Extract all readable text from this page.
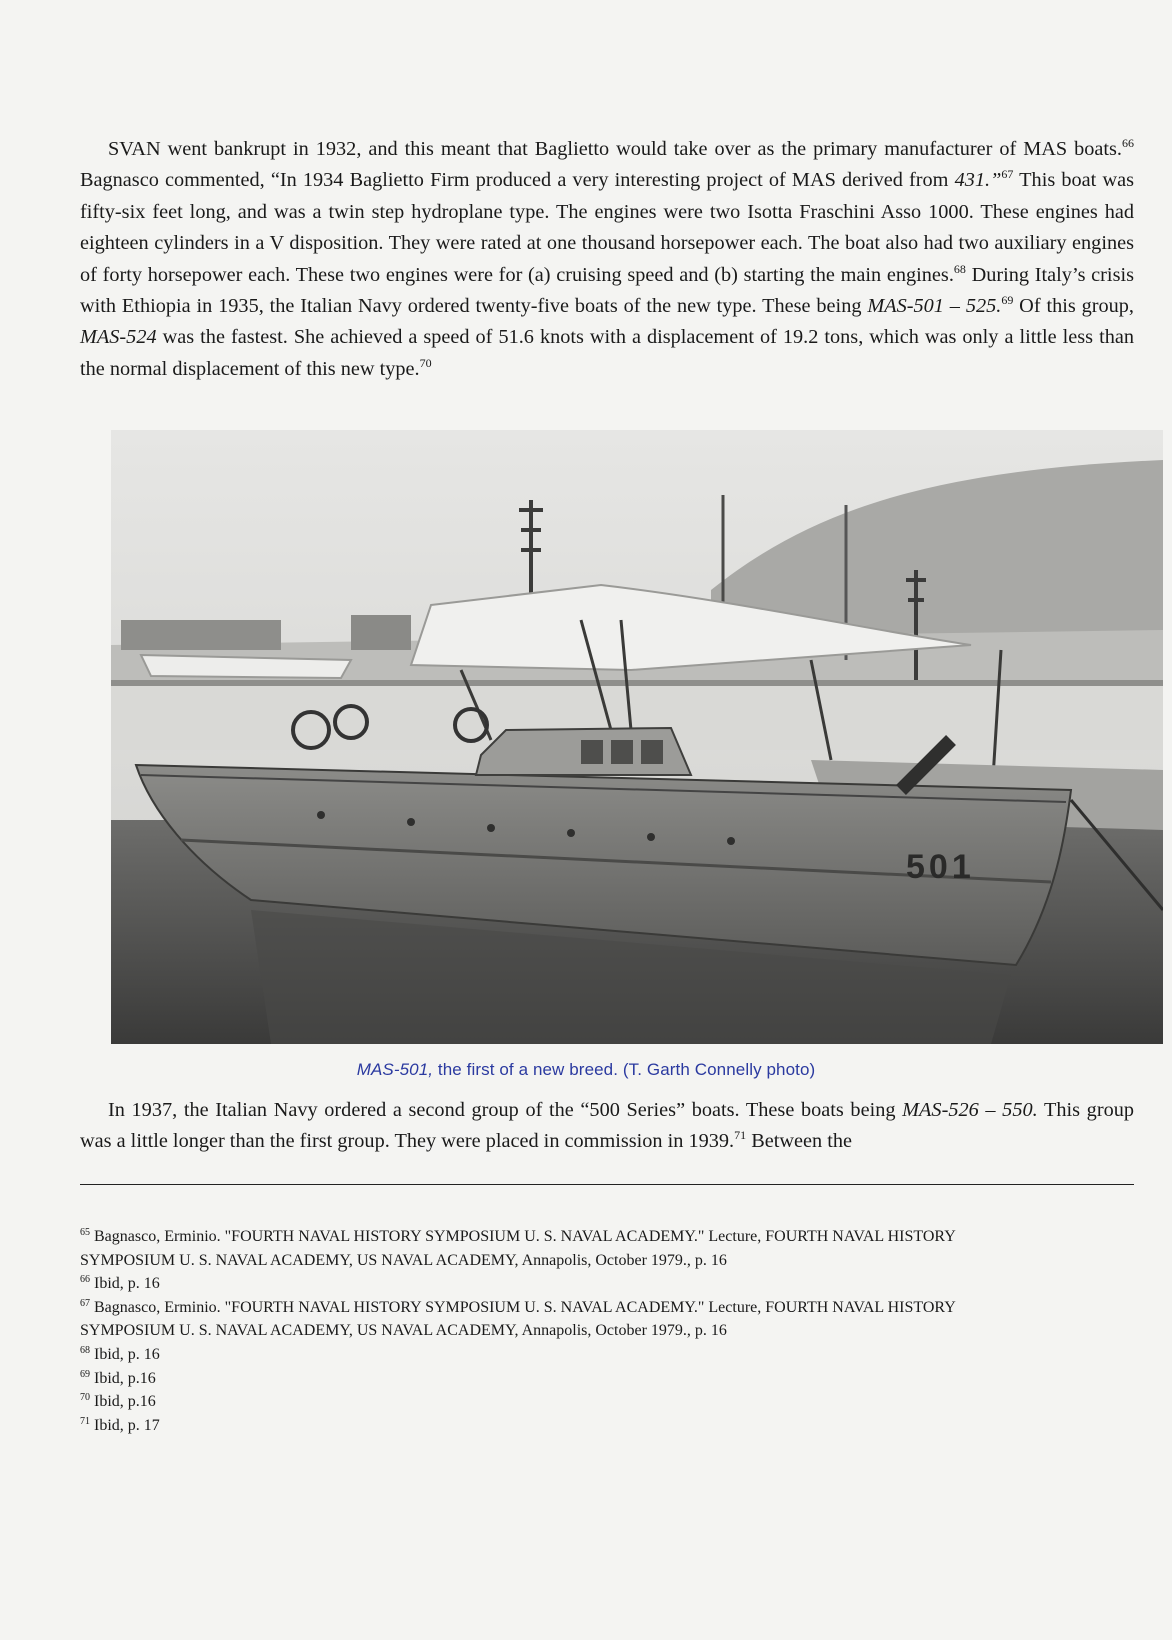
SVAN went bankrupt in 1932, and this meant that Baglietto would take over as the primary manufacturer of MAS boats.$^{66}$ Bagnasco commented, “In 1934 Baglietto Firm produced a very interesting project of MAS derived from 431.”$^{67}$ This boat was fifty-six feet long, and was a twin step hydroplane type. The engines were two Isotta Fraschini Asso 1000. These engines had eighteen cylinders in a V disposition. They were rated at one thousand horsepower each. The boat also had two auxiliary engines of forty horsepower each. These two engines were for (a) cruising speed and (b) starting the main engines.$^{68}$ During Italy’s crisis with Ethiopia in 1935, the Italian Navy ordered twenty-five boats of the new type. These being MAS-501 – 525.69 Of this group, MAS-524 was the fastest. She achieved a speed of 51.6 knots with a displacement of 19.2 tons, which was only a little less than the normal displacement of this new type.$^{70}$

501
MAS-501, the first of a new breed. (T. Garth Connelly photo)

In 1937, the Italian Navy ordered a second group of the “500 Series” boats. These boats being MAS-526 – 550. This group was a little longer than the first group. They were placed in commission in 1939.71 Between the

$^{65}$ Bagnasco, Erminio. "FOURTH NAVAL HISTORY SYMPOSIUM U. S. NAVAL ACADEMY." Lecture, FOURTH NAVAL HISTORY SYMPOSIUM U. S. NAVAL ACADEMY, US NAVAL ACADEMY, Annapolis, October 1979., p. 16
$^{66}$ Ibid, p. 16
$^{67}$ Bagnasco, Erminio. "FOURTH NAVAL HISTORY SYMPOSIUM U. S. NAVAL ACADEMY." Lecture, FOURTH NAVAL HISTORY SYMPOSIUM U. S. NAVAL ACADEMY, US NAVAL ACADEMY, Annapolis, October 1979., p. 16
$^{68}$ Ibid, p. 16
$^{69}$ Ibid, p.16
$^{70}$ Ibid, p.16
$^{71}$ Ibid, p. 17
